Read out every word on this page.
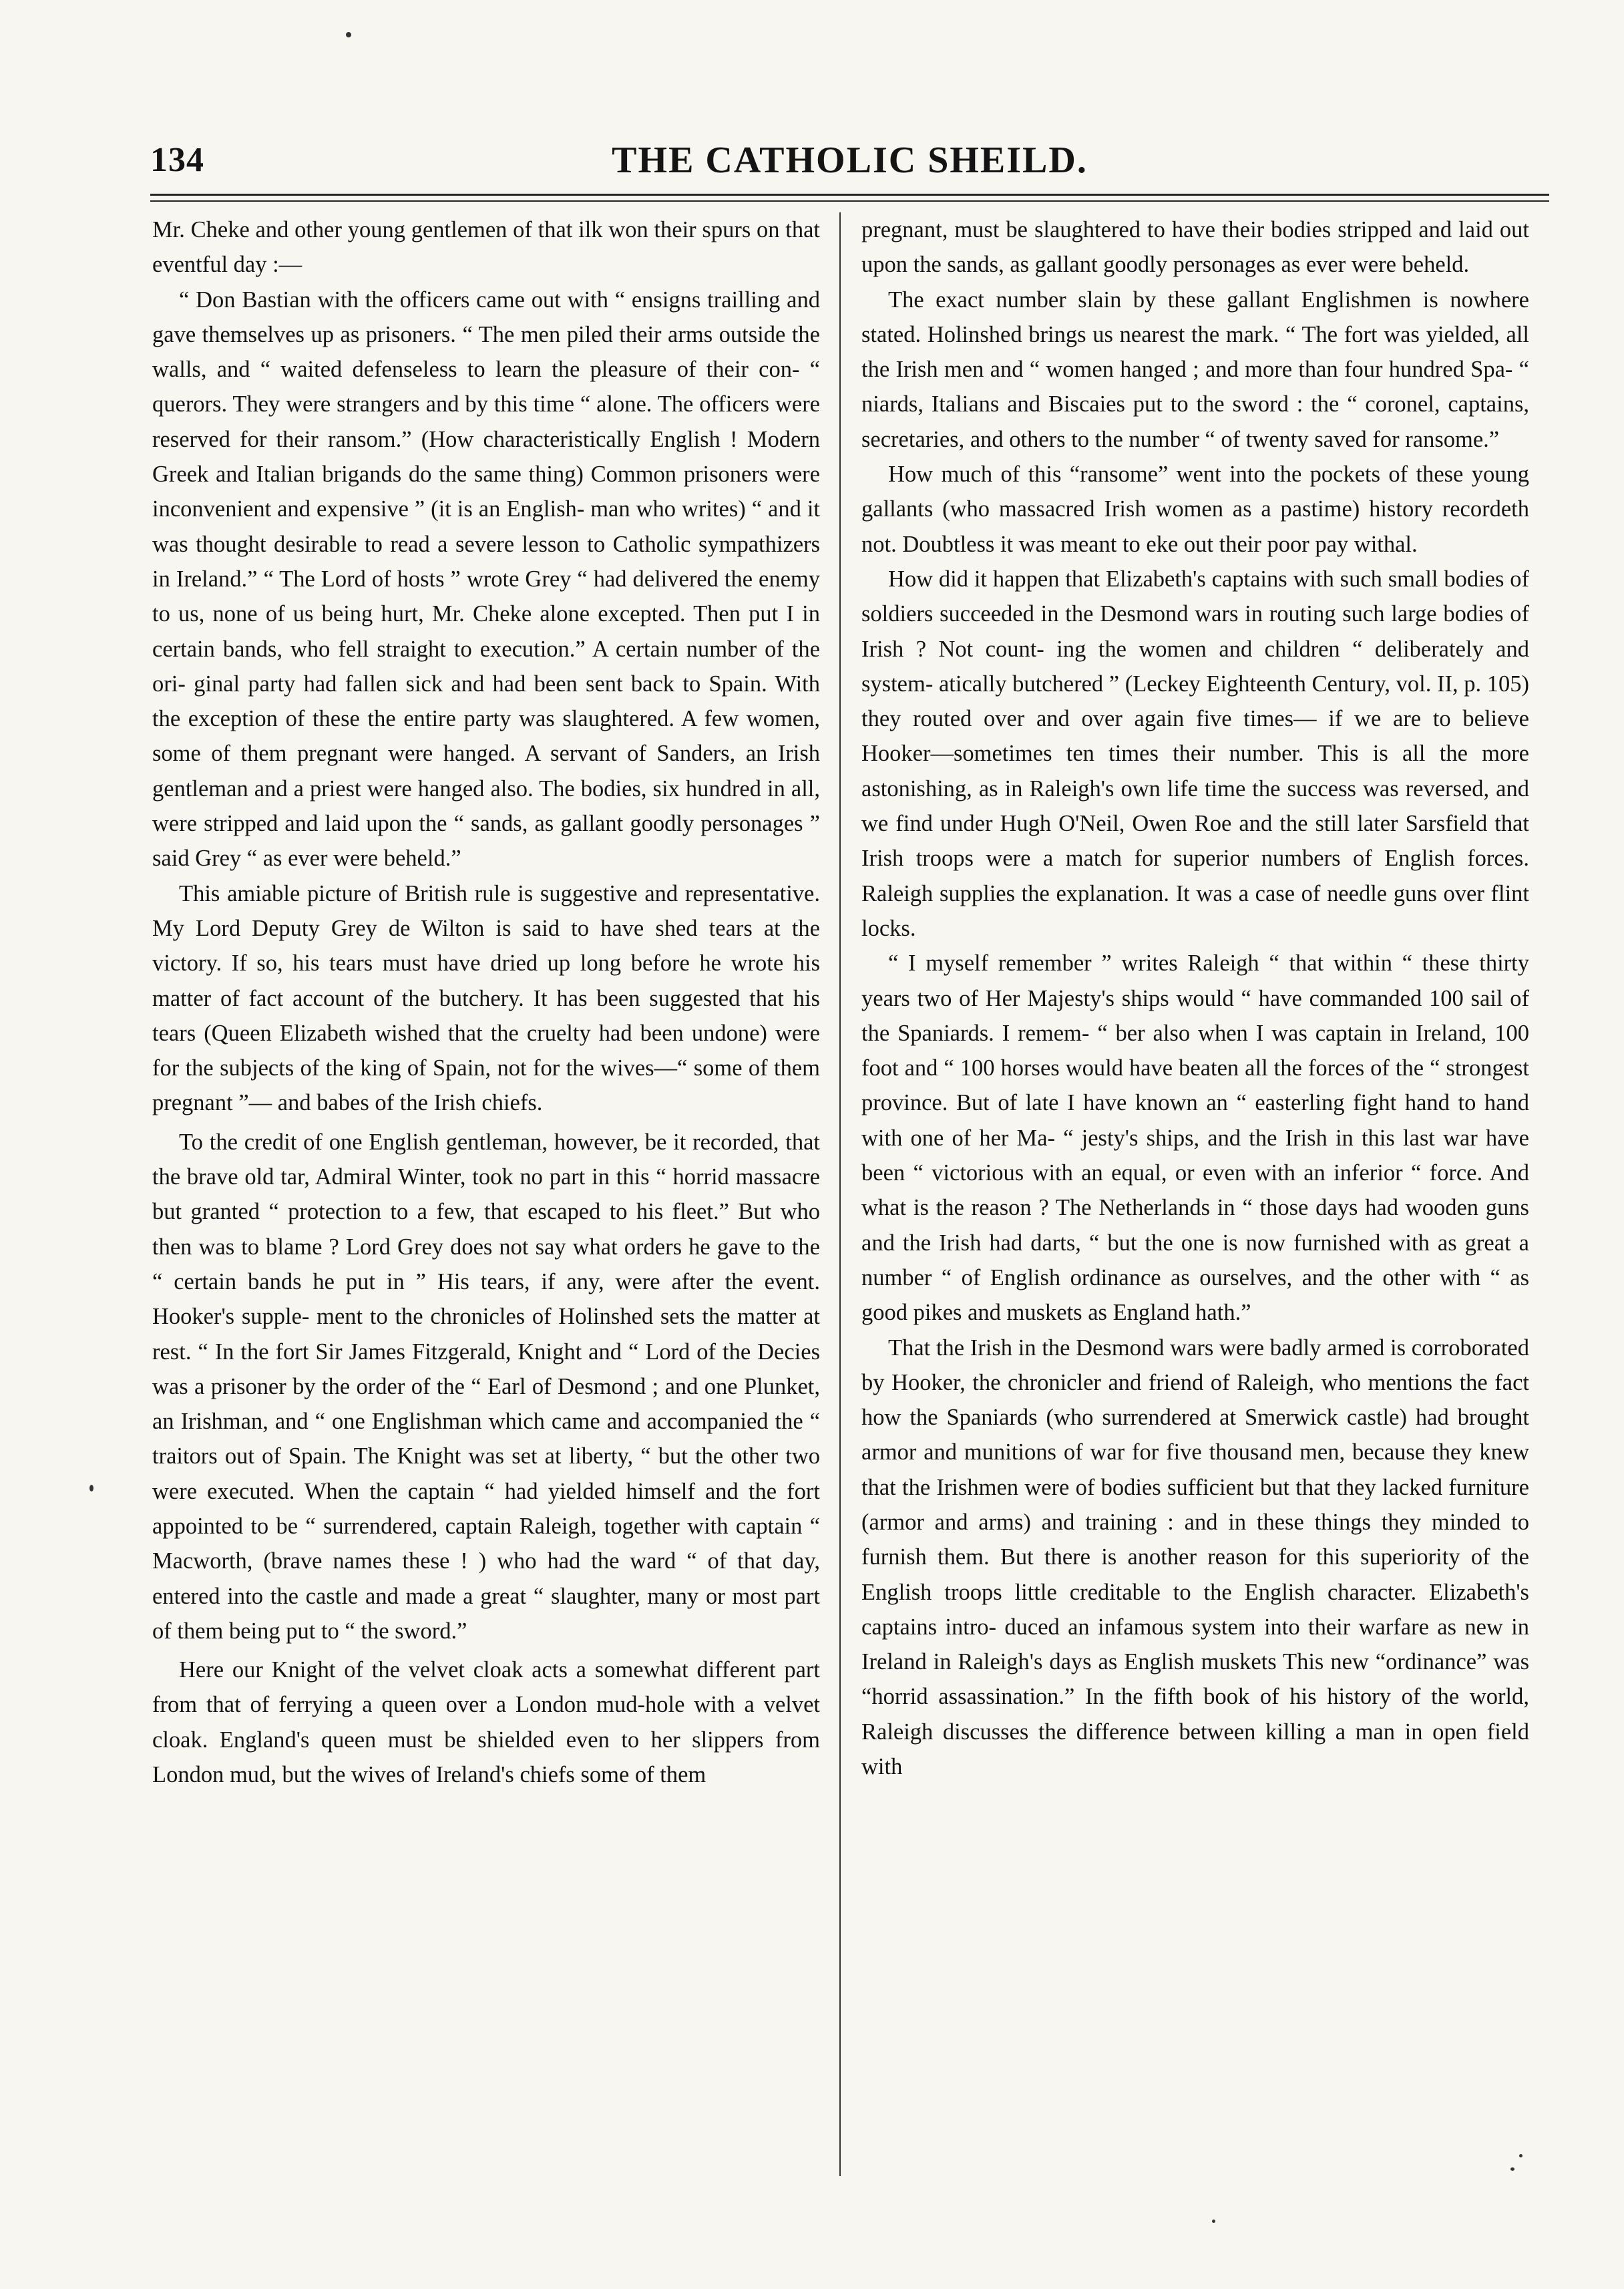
134	THE CATHOLIC SHEILD.

Mr. Cheke and other young gentlemen of that ilk won their spurs on that eventful day :—

“ Don Bastian with the officers came out with “ ensigns trailling and gave themselves up as prisoners. “ The men piled their arms outside the walls, and “ waited defenseless to learn the pleasure of their con- “ querors. They were strangers and by this time “ alone. The officers were reserved for their ransom.” (How characteristically English ! Modern Greek and Italian brigands do the same thing) Common prisoners were inconvenient and expensive ” (it is an English- man who writes) “ and it was thought desirable to read a severe lesson to Catholic sympathizers in Ireland.” “ The Lord of hosts ” wrote Grey “ had delivered the enemy to us, none of us being hurt, Mr. Cheke alone excepted. Then put I in certain bands, who fell straight to execution.” A certain number of the ori- ginal party had fallen sick and had been sent back to Spain. With the exception of these the entire party was slaughtered. A few women, some of them pregnant were hanged. A servant of Sanders, an Irish gentleman and a priest were hanged also. The bodies, six hundred in all, were stripped and laid upon the “ sands, as gallant goodly personages ” said Grey “ as ever were beheld.”

This amiable picture of British rule is suggestive and representative. My Lord Deputy Grey de Wilton is said to have shed tears at the victory. If so, his tears must have dried up long before he wrote his matter of fact account of the butchery. It has been suggested that his tears (Queen Elizabeth wished that the cruelty had been undone) were for the subjects of the king of Spain, not for the wives—“ some of them pregnant ”— and babes of the Irish chiefs.

To the credit of one English gentleman, however, be it recorded, that the brave old tar, Admiral Winter, took no part in this “ horrid massacre but granted “ protection to a few, that escaped to his fleet.” But who then was to blame ? Lord Grey does not say what orders he gave to the “ certain bands he put in ” His tears, if any, were after the event. Hooker's supple- ment to the chronicles of Holinshed sets the matter at rest. “ In the fort Sir James Fitzgerald, Knight and “ Lord of the Decies was a prisoner by the order of the “ Earl of Desmond ; and one Plunket, an Irishman, and “ one Englishman which came and accompanied the “ traitors out of Spain. The Knight was set at liberty, “ but the other two were executed. When the captain “ had yielded himself and the fort appointed to be “ surrendered, captain Raleigh, together with captain “ Macworth, (brave names these ! ) who had the ward “ of that day, entered into the castle and made a great “ slaughter, many or most part of them being put to “ the sword.”

Here our Knight of the velvet cloak acts a somewhat different part from that of ferrying a queen over a London mud-hole with a velvet cloak. England's queen must be shielded even to her slippers from London mud, but the wives of Ireland's chiefs some of them

pregnant, must be slaughtered to have their bodies stripped and laid out upon the sands, as gallant goodly personages as ever were beheld.

The exact number slain by these gallant Englishmen is nowhere stated. Holinshed brings us nearest the mark. “ The fort was yielded, all the Irish men and “ women hanged ; and more than four hundred Spa- “ niards, Italians and Biscaies put to the sword : the “ coronel, captains, secretaries, and others to the number “ of twenty saved for ransome.”

How much of this “ransome” went into the pockets of these young gallants (who massacred Irish women as a pastime) history recordeth not. Doubtless it was meant to eke out their poor pay withal.

How did it happen that Elizabeth's captains with such small bodies of soldiers succeeded in the Desmond wars in routing such large bodies of Irish ? Not count- ing the women and children “ deliberately and system- atically butchered ” (Leckey Eighteenth Century, vol. II, p. 105) they routed over and over again five times— if we are to believe Hooker—sometimes ten times their number. This is all the more astonishing, as in Raleigh's own life time the success was reversed, and we find under Hugh O'Neil, Owen Roe and the still later Sarsfield that Irish troops were a match for superior numbers of English forces. Raleigh supplies the explanation. It was a case of needle guns over flint locks.

“ I myself remember ” writes Raleigh “ that within “ these thirty years two of Her Majesty's ships would “ have commanded 100 sail of the Spaniards. I remem- “ ber also when I was captain in Ireland, 100 foot and “ 100 horses would have beaten all the forces of the “ strongest province. But of late I have known an “ easterling fight hand to hand with one of her Ma- “ jesty's ships, and the Irish in this last war have been “ victorious with an equal, or even with an inferior “ force. And what is the reason ? The Netherlands in “ those days had wooden guns and the Irish had darts, “ but the one is now furnished with as great a number “ of English ordinance as ourselves, and the other with “ as good pikes and muskets as England hath.”

That the Irish in the Desmond wars were badly armed is corroborated by Hooker, the chronicler and friend of Raleigh, who mentions the fact how the Spaniards (who surrendered at Smerwick castle) had brought armor and munitions of war for five thousand men, because they knew that the Irishmen were of bodies sufficient but that they lacked furniture (armor and arms) and training : and in these things they minded to furnish them. But there is another reason for this superiority of the English troops little creditable to the English character. Elizabeth's captains intro- duced an infamous system into their warfare as new in Ireland in Raleigh's days as English muskets This new “ordinance” was “horrid assassination.” In the fifth book of his history of the world, Raleigh discusses the difference between killing a man in open field with
